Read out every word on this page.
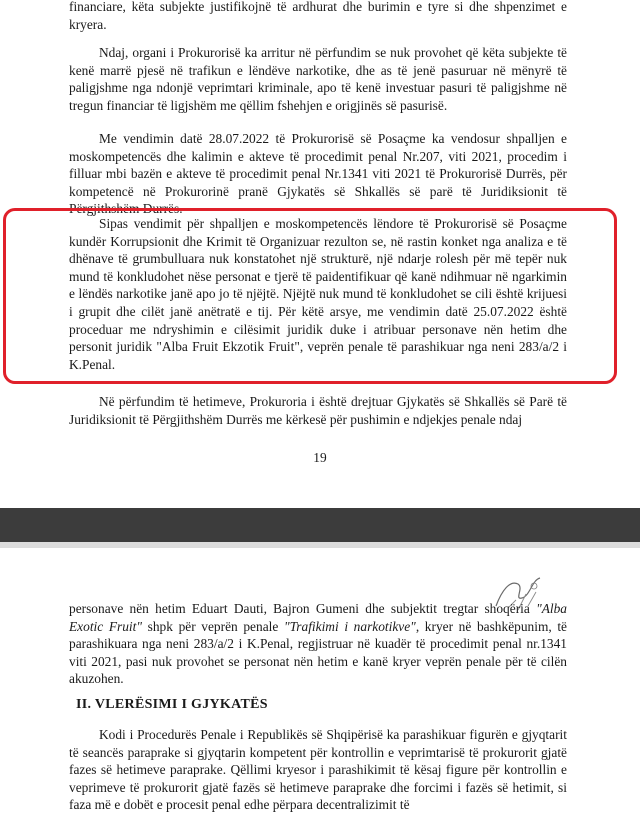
financiare, këta subjekte justifikojnë të ardhurat dhe burimin e tyre si dhe shpenzimet e kryera.

Ndaj, organi i Prokurorisë ka arritur në përfundim se nuk provohet që këta subjekte të kenë marrë pjesë në trafikun e lëndëve narkotike, dhe as të jenë pasuruar në mënyrë të paligjshme nga ndonjë veprimtari kriminale, apo të kenë investuar pasuri të paligjshme në tregun financiar të ligjshëm me qëllim fshehjen e origjinës së pasurisë.

Me vendimin datë 28.07.2022 të Prokurorisë së Posaçme ka vendosur shpalljen e moskompetencës dhe kalimin e akteve të procedimit penal Nr.207, viti 2021, procedim i filluar mbi bazën e akteve të procedimit penal Nr.1341 viti 2021 të Prokurorisë Durrës, për kompetencë në Prokurorinë pranë Gjykatës së Shkallës së parë të Juridiksionit të Përgjithshëm Durrës.

Sipas vendimit për shpalljen e moskompetencës lëndore të Prokurorisë së Posaçme kundër Korrupsionit dhe Krimit të Organizuar rezulton se, në rastin konket nga analiza e të dhënave të grumbulluara nuk konstatohet një strukturë, një ndarje rolesh për më tepër nuk mund të konkludohet nëse personat e tjerë të paidentifikuar që kanë ndihmuar në ngarkimin e lëndës narkotike janë apo jo të njëjtë. Njëjtë nuk mund të konkludohet se cili është krijuesi i grupit dhe cilët janë anëtratë e tij. Për këtë arsye, me vendimin datë 25.07.2022 është proceduar me ndryshimin e cilësimit juridik duke i atribuar personave nën hetim dhe personit juridik "Alba Fruit Ekzotik Fruit", veprën penale të parashikuar nga neni 283/a/2 i K.Penal.

Në përfundim të hetimeve, Prokuroria i është drejtuar Gjykatës së Shkallës së Parë të Juridiksionit të Përgjithshëm Durrës me kërkesë për pushimin e ndjekjes penale ndaj

19

personave nën hetim Eduart Dauti, Bajron Gumeni dhe subjektit tregtar shoqëria "Alba Exotic Fruit" shpk për veprën penale "Trafikimi i narkotikve", kryer në bashkëpunim, të parashikuara nga neni 283/a/2 i K.Penal, regjistruar në kuadër të procedimit penal nr.1341 viti 2021, pasi nuk provohet se personat nën hetim e kanë kryer veprën penale për të cilën akuzohen.

II. VLERËSIMI I GJYKATËS

Kodi i Procedurës Penale i Republikës së Shqipërisë ka parashikuar figurën e gjyqtarit të seancës paraprake si gjyqtarin kompetent për kontrollin e veprimtarisë të prokurorit gjatë fazes së hetimeve paraprake. Qëllimi kryesor i parashikimit të kësaj figure për kontrollin e veprimeve të prokurorit gjatë fazës së hetimeve paraprake dhe forcimi i fazës së hetimit, si faza më e dobët e procesit penal edhe përpara decentralizimit të
